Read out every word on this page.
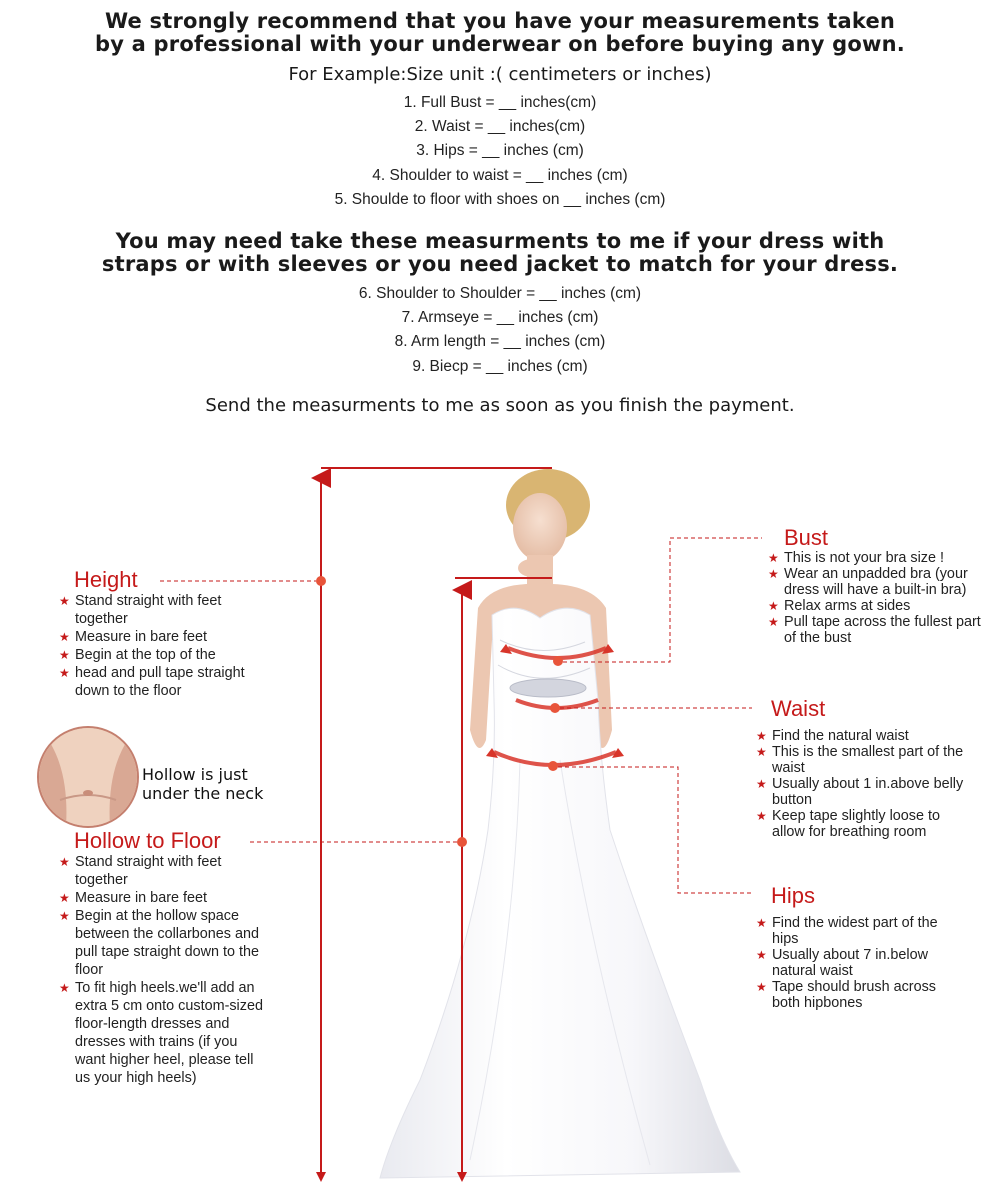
We strongly recommend that you have your measurements taken
by a professional with your underwear on before buying any gown.
For Example:Size unit :( centimeters or inches)
1. Full Bust = __ inches(cm)
2. Waist = __ inches(cm)
3. Hips = __ inches (cm)
4. Shoulder to waist = __ inches (cm)
5. Shoulde to floor with shoes on __ inches (cm)
You may need take these measurments to me if your dress with
straps or with sleeves or you need jacket to match for your dress.
6. Shoulder to Shoulder = __ inches (cm)
7. Armseye = __ inches (cm)
8. Arm length = __ inches (cm)
9. Biecp = __ inches (cm)
Send the measurments to me as soon as you finish the payment.
Height
★ Stand straight with feet together
★ Measure in bare feet
★ Begin at the top of the
★ head and pull tape straight down to the floor
Hollow is just
under the neck
Hollow to Floor
★ Stand straight with feet together
★ Measure in bare feet
★ Begin at the hollow space between the collarbones and pull tape straight down to the floor
★ To fit high heels.we'll add an extra 5 cm onto custom-sized floor-length dresses and dresses with trains (if you want higher heel, please tell us your high heels)
Bust
★ This is not your bra size !
★ Wear an unpadded bra (your dress will have a built-in bra)
★ Relax arms at sides
★ Pull tape across the fullest part of the bust
Waist
★ Find the natural waist
★ This is the smallest part of the waist
★ Usually about 1 in.above belly button
★ Keep tape slightly loose to allow for breathing room
Hips
★ Find the widest part of the hips
★ Usually about 7 in.below natural waist
★ Tape should brush across both hipbones
